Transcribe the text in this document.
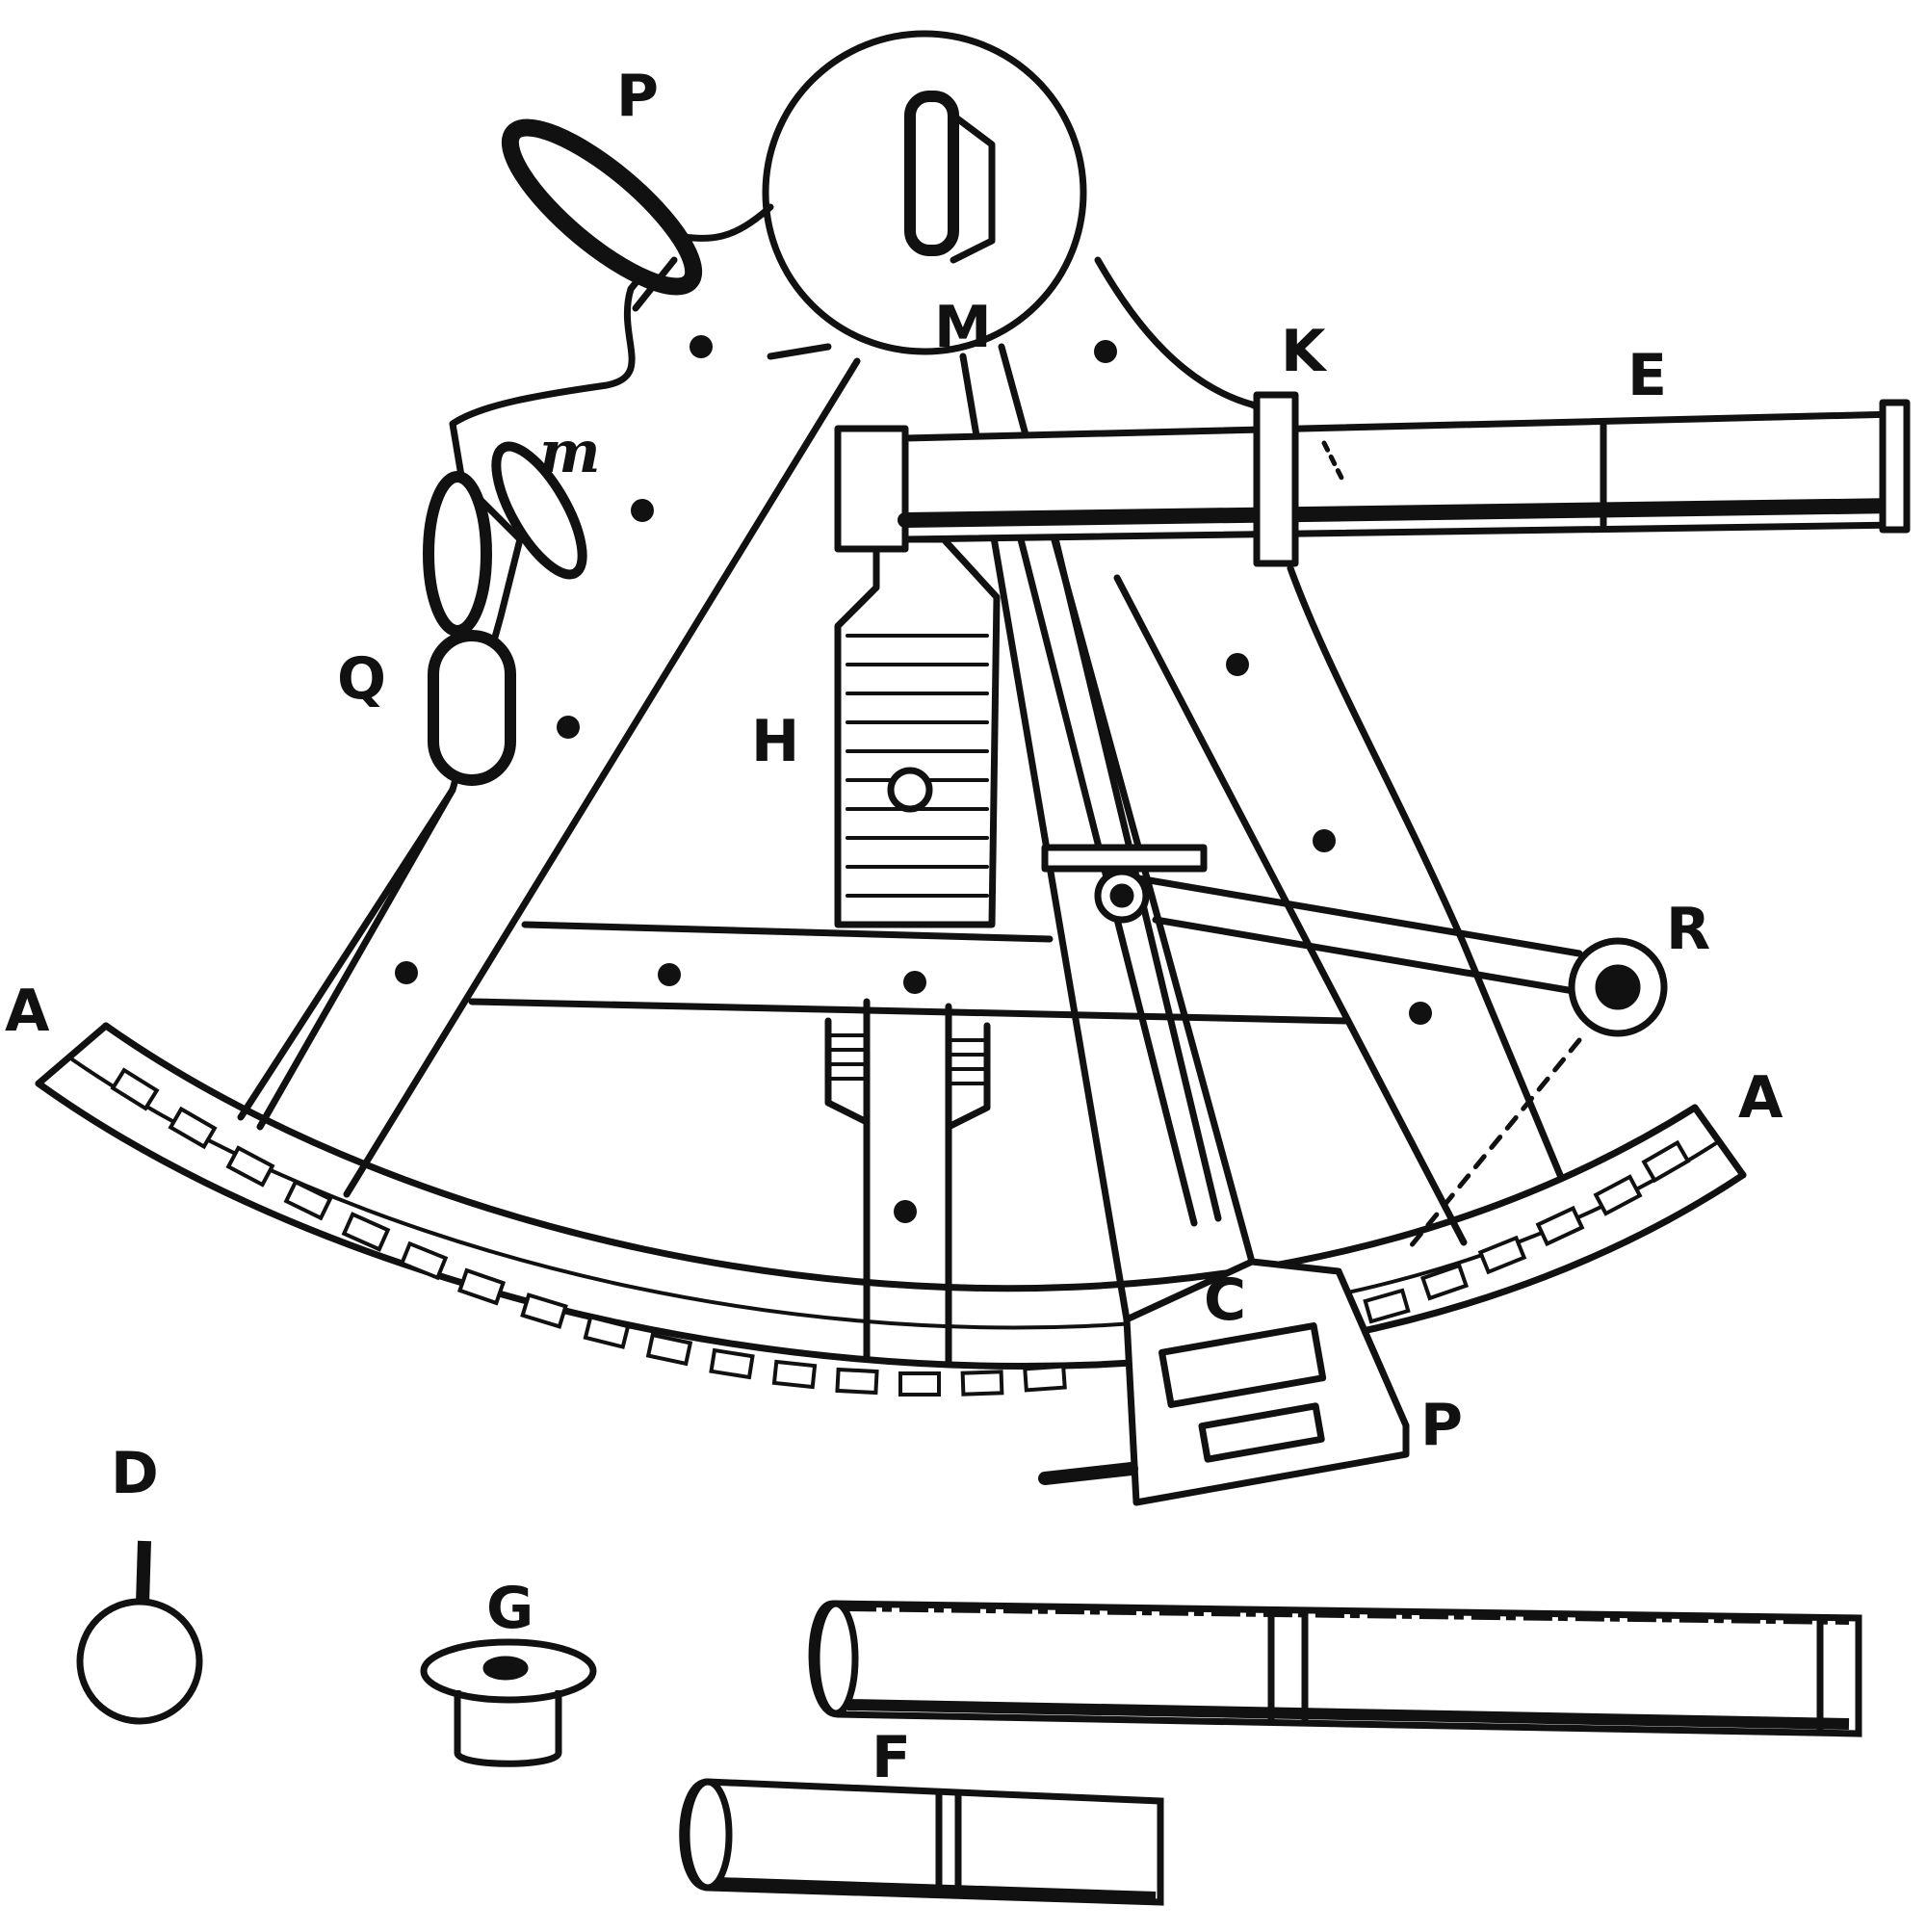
P
M	K	E
m
Q
H
R
A
A
C
P
D
G
F
